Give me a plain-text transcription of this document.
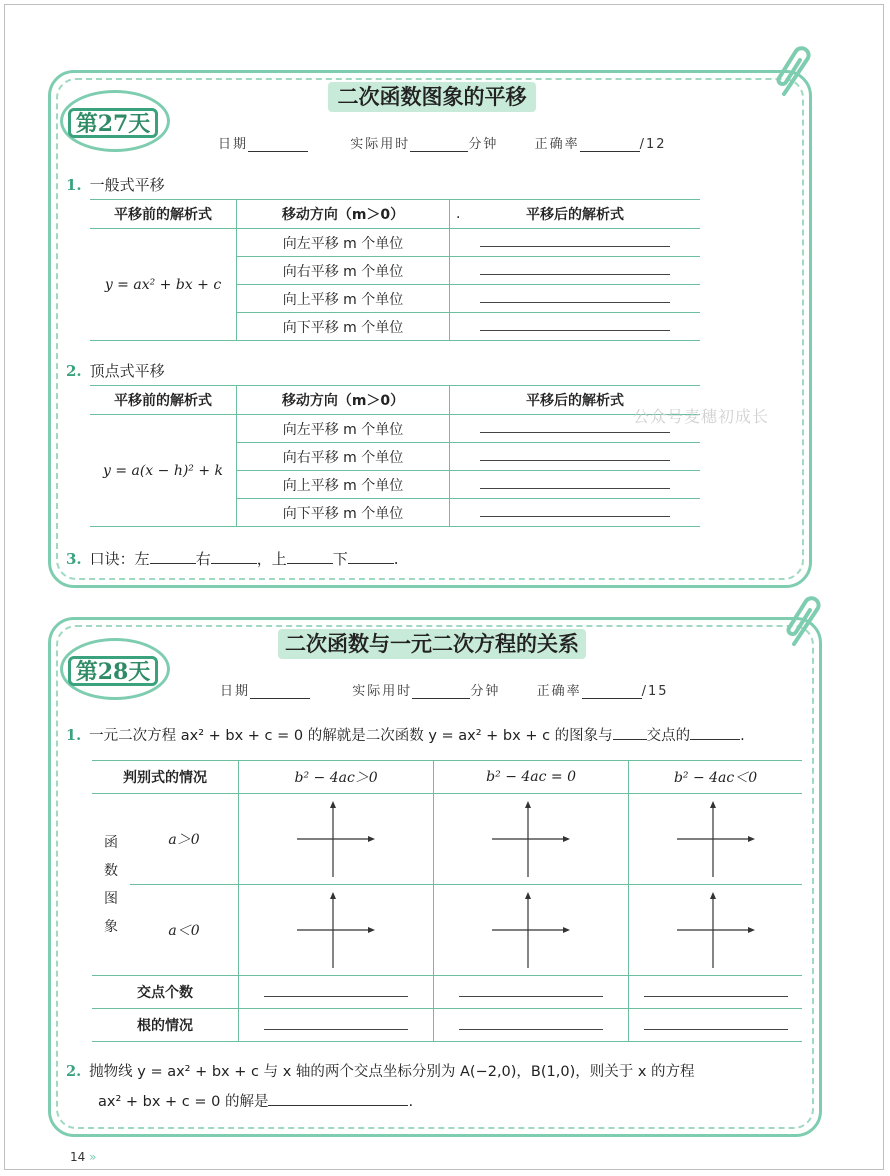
第27天
二次函数图象的平移
日期	实际用时	分钟	正确率	/12
1. 一般式平移
平移前的解析式	移动方向（m＞0）	.	平移后的解析式
y = ax² + bx + c	向左平移 m 个单位		
	向右平移 m 个单位		
	向上平移 m 个单位		
	向下平移 m 个单位		
2. 顶点式平移
平移前的解析式	移动方向（m＞0）	平移后的解析式
y = a(x − h)² + k	向左平移 m 个单位	
	向右平移 m 个单位	
	向上平移 m 个单位	
	向下平移 m 个单位	
公众号麦穗初成长
3. 口诀：左	右	，上	下	.
第28天
二次函数与一元二次方程的关系
日期	实际用时	分钟	正确率	/15
1. 一元二次方程 ax² + bx + c = 0 的解就是二次函数 y = ax² + bx + c 的图象与 交点的	.
判别式的情况		b² − 4ac＞0	b² − 4ac = 0	b² − 4ac＜0

函
数
图
象	a＞0	

	a＜0	

交点个数				
根的情况				
2. 抛物线 y = ax² + bx + c 与 x 轴的两个交点坐标分别为 A(−2,0)，B(1,0)，则关于 x 的方程
ax² + bx + c = 0 的解是	.
14 »
